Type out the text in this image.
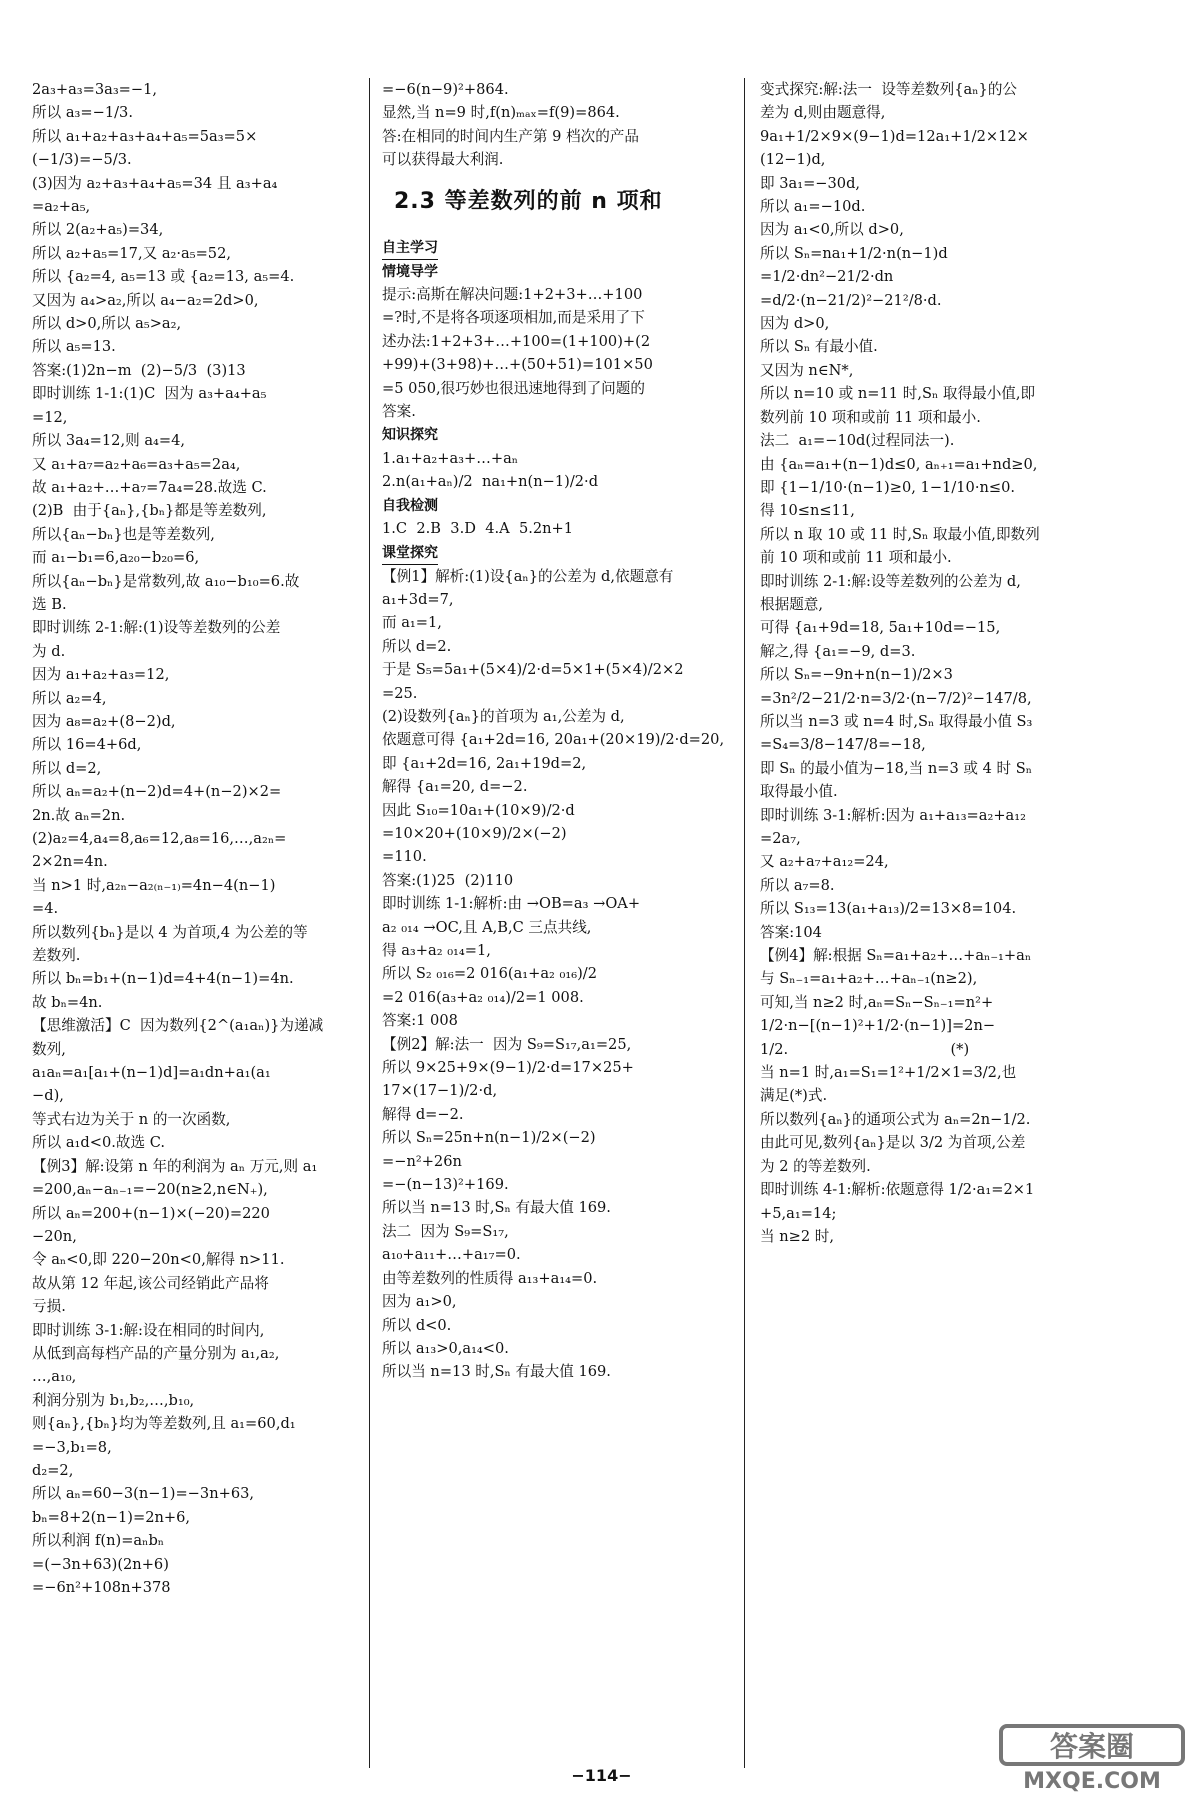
2a₃+a₃=3a₃=−1,
所以 a₃=−1/3.
所以 a₁+a₂+a₃+a₄+a₅=5a₃=5×
(−1/3)=−5/3.
(3)因为 a₂+a₃+a₄+a₅=34 且 a₃+a₄
=a₂+a₅,
所以 2(a₂+a₅)=34,
所以 a₂+a₅=17,又 a₂·a₅=52,
所以 {a₂=4, a₅=13 或 {a₂=13, a₅=4.
又因为 a₄>a₂,所以 a₄−a₂=2d>0,
所以 d>0,所以 a₅>a₂,
所以 a₅=13.
答案:(1)2n−m  (2)−5/3  (3)13
即时训练 1-1:(1)C  因为 a₃+a₄+a₅
=12,
所以 3a₄=12,则 a₄=4,
又 a₁+a₇=a₂+a₆=a₃+a₅=2a₄,
故 a₁+a₂+…+a₇=7a₄=28.故选 C.
(2)B  由于{aₙ},{bₙ}都是等差数列,
所以{aₙ−bₙ}也是等差数列,
而 a₁−b₁=6,a₂₀−b₂₀=6,
所以{aₙ−bₙ}是常数列,故 a₁₀−b₁₀=6.故
选 B.
即时训练 2-1:解:(1)设等差数列的公差
为 d.
因为 a₁+a₂+a₃=12,
所以 a₂=4,
因为 a₈=a₂+(8−2)d,
所以 16=4+6d,
所以 d=2,
所以 aₙ=a₂+(n−2)d=4+(n−2)×2=
2n.故 aₙ=2n.
(2)a₂=4,a₄=8,a₆=12,a₈=16,…,a₂ₙ=
2×2n=4n.
当 n>1 时,a₂ₙ−a₂₍ₙ₋₁₎=4n−4(n−1)
=4.
所以数列{bₙ}是以 4 为首项,4 为公差的等
差数列.
所以 bₙ=b₁+(n−1)d=4+4(n−1)=4n.
故 bₙ=4n.
【思维激活】C  因为数列{2^(a₁aₙ)}为递减
数列,
a₁aₙ=a₁[a₁+(n−1)d]=a₁dn+a₁(a₁
−d),
等式右边为关于 n 的一次函数,
所以 a₁d<0.故选 C.
【例3】解:设第 n 年的利润为 aₙ 万元,则 a₁
=200,aₙ−aₙ₋₁=−20(n≥2,n∈N₊),
所以 aₙ=200+(n−1)×(−20)=220
−20n,
令 aₙ<0,即 220−20n<0,解得 n>11.
故从第 12 年起,该公司经销此产品将
亏损.
即时训练 3-1:解:设在相同的时间内,
从低到高每档产品的产量分别为 a₁,a₂,
…,a₁₀,
利润分别为 b₁,b₂,…,b₁₀,
则{aₙ},{bₙ}均为等差数列,且 a₁=60,d₁
=−3,b₁=8,
d₂=2,
所以 aₙ=60−3(n−1)=−3n+63,
bₙ=8+2(n−1)=2n+6,
所以利润 f(n)=aₙbₙ
=(−3n+63)(2n+6)
=−6n²+108n+378
=−6(n−9)²+864.
显然,当 n=9 时,f(n)ₘₐₓ=f(9)=864.
答:在相同的时间内生产第 9 档次的产品
可以获得最大利润.
2.3 等差数列的前 n 项和
自主学习
情境导学
提示:高斯在解决问题:1+2+3+…+100
=?时,不是将各项逐项相加,而是采用了下
述办法:1+2+3+…+100=(1+100)+(2
+99)+(3+98)+…+(50+51)=101×50
=5 050,很巧妙也很迅速地得到了问题的
答案.
知识探究
1.a₁+a₂+a₃+…+aₙ
2.n(a₁+aₙ)/2  na₁+n(n−1)/2·d
自我检测
1.C  2.B  3.D  4.A  5.2n+1
课堂探究
【例1】解析:(1)设{aₙ}的公差为 d,依题意有
a₁+3d=7,
而 a₁=1,
所以 d=2.
于是 S₅=5a₁+(5×4)/2·d=5×1+(5×4)/2×2
=25.
(2)设数列{aₙ}的首项为 a₁,公差为 d,
依题意可得 {a₁+2d=16, 20a₁+(20×19)/2·d=20,
即 {a₁+2d=16, 2a₁+19d=2,
解得 {a₁=20, d=−2.
因此 S₁₀=10a₁+(10×9)/2·d
=10×20+(10×9)/2×(−2)
=110.
答案:(1)25  (2)110
即时训练 1-1:解析:由 →OB=a₃ →OA+
a₂ ₀₁₄ →OC,且 A,B,C 三点共线,
得 a₃+a₂ ₀₁₄=1,
所以 S₂ ₀₁₆=2 016(a₁+a₂ ₀₁₆)/2
=2 016(a₃+a₂ ₀₁₄)/2=1 008.
答案:1 008
【例2】解:法一  因为 S₉=S₁₇,a₁=25,
所以 9×25+9×(9−1)/2·d=17×25+
17×(17−1)/2·d,
解得 d=−2.
所以 Sₙ=25n+n(n−1)/2×(−2)
=−n²+26n
=−(n−13)²+169.
所以当 n=13 时,Sₙ 有最大值 169.
法二  因为 S₉=S₁₇,
a₁₀+a₁₁+…+a₁₇=0.
由等差数列的性质得 a₁₃+a₁₄=0.
因为 a₁>0,
所以 d<0.
所以 a₁₃>0,a₁₄<0.
所以当 n=13 时,Sₙ 有最大值 169.
变式探究:解:法一  设等差数列{aₙ}的公
差为 d,则由题意得,
9a₁+1/2×9×(9−1)d=12a₁+1/2×12×
(12−1)d,
即 3a₁=−30d,
所以 a₁=−10d.
因为 a₁<0,所以 d>0,
所以 Sₙ=na₁+1/2·n(n−1)d
=1/2·dn²−21/2·dn
=d/2·(n−21/2)²−21²/8·d.
因为 d>0,
所以 Sₙ 有最小值.
又因为 n∈N*,
所以 n=10 或 n=11 时,Sₙ 取得最小值,即
数列前 10 项和或前 11 项和最小.
法二  a₁=−10d(过程同法一).
由 {aₙ=a₁+(n−1)d≤0, aₙ₊₁=a₁+nd≥0,
即 {1−1/10·(n−1)≥0, 1−1/10·n≤0.
得 10≤n≤11,
所以 n 取 10 或 11 时,Sₙ 取最小值,即数列
前 10 项和或前 11 项和最小.
即时训练 2-1:解:设等差数列的公差为 d,
根据题意,
可得 {a₁+9d=18, 5a₁+10d=−15,
解之,得 {a₁=−9, d=3.
所以 Sₙ=−9n+n(n−1)/2×3
=3n²/2−21/2·n=3/2·(n−7/2)²−147/8,
所以当 n=3 或 n=4 时,Sₙ 取得最小值 S₃
=S₄=3/8−147/8=−18,
即 Sₙ 的最小值为−18,当 n=3 或 4 时 Sₙ
取得最小值.
即时训练 3-1:解析:因为 a₁+a₁₃=a₂+a₁₂
=2a₇,
又 a₂+a₇+a₁₂=24,
所以 a₇=8.
所以 S₁₃=13(a₁+a₁₃)/2=13×8=104.
答案:104
【例4】解:根据 Sₙ=a₁+a₂+…+aₙ₋₁+aₙ
与 Sₙ₋₁=a₁+a₂+…+aₙ₋₁(n≥2),
可知,当 n≥2 时,aₙ=Sₙ−Sₙ₋₁=n²+
1/2·n−[(n−1)²+1/2·(n−1)]=2n−
1/2.                                   (*)
当 n=1 时,a₁=S₁=1²+1/2×1=3/2,也
满足(*)式.
所以数列{aₙ}的通项公式为 aₙ=2n−1/2.
由此可见,数列{aₙ}是以 3/2 为首项,公差
为 2 的等差数列.
即时训练 4-1:解析:依题意得 1/2·a₁=2×1
+5,a₁=14;
当 n≥2 时,
−114−
答案圈
MXQE.COM
